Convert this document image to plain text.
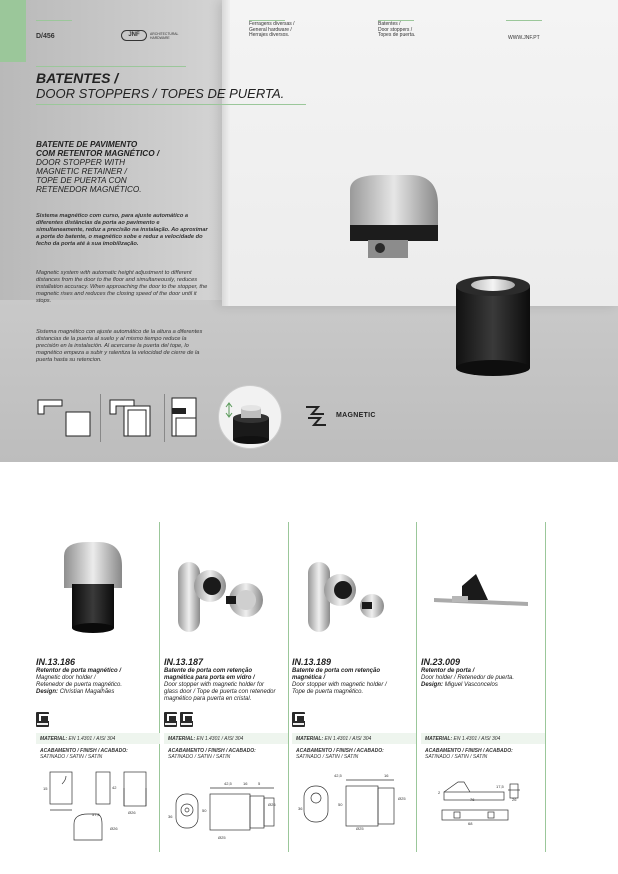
D/456	JNF	ARCHITECTURAL HARDWARE
Ferragens diversas /
General hardware /
Herrajes diversos.
Batentes /
Door stoppers /
Topes de puerta.	WWW.JNF.PT
BATENTES /
DOOR STOPPERS / TOPES DE PUERTA.
BATENTE DE PAVIMENTO
COM RETENTOR MAGNÉTICO /
DOOR STOPPER WITH
MAGNETIC RETAINER /
TOPE DE PUERTA CON
RETENEDOR MAGNÉTICO.
Sistema magnético com curso, para ajuste automático a diferentes distâncias da porta ao pavimento e simultaneamente, reduz a precisão na instalação. Ao aproximar a porta do batente, o magnético sobe e reduz a velocidade do fecho da porta até à sua imobilização.
Magnetic system with automatic height adjustment to different distances from the door to the floor and simultaneously, reduces installation accuracy. When approaching the door to the stopper, the magnetic rises and reduces the closing speed of the door until it stops.
Sistema magnético con ajuste automático de la altura a diferentes distancias de la puerta al suelo y al mismo tiempo reduce la precisión en la instalación. Al acercarse la puerta del tope, lo magnético empeza a subir y ralentiza la velocidad de cierre de la puerta hasta su retencion.
MAGNETIC
IN.13.186
Retentor de porta magnético /
Magnetic door holder /
Retenedor de puerta magnético.
Design: Christian Magalhães
IN.13.187
Batente de porta com retenção
magnética para porta em vidro /
Door stopper with magnetic holder for
glass door / Tope de puerta con retenedor
magnético para puerta en cristal.
IN.13.189
Batente de porta com retenção
magnética /
Door stopper with magnetic holder /
Tope de puerta magnético.
IN.23.009
Retentor de porta /
Door holder / Retenedor de puerta.
Design: Miguel Vasconcelos
MATERIAL: EN 1.4301 / AISI 304
ACABAMENTO / FINISH / ACABADO:
SATINADO / SATIN / SATIN
MATERIAL: EN 1.4301 / AISI 304
ACABAMENTO / FINISH / ACABADO:
SATINADO / SATIN / SATIN
MATERIAL: EN 1.4301 / AISI 304
ACABAMENTO / FINISH / ACABADO:
SATINADO / SATIN / SATIN
MATERIAL: EN 1.4301 / AISI 304
ACABAMENTO / FINISH / ACABADO:
SATINADO / SATIN / SATIN
15
57,5
42
Ø26
Ø26
42,5	16	5
36
50
Ø26
Ø25
42,5	16
36
50
Ø25
Ø25
76
68
17,5
26
2
